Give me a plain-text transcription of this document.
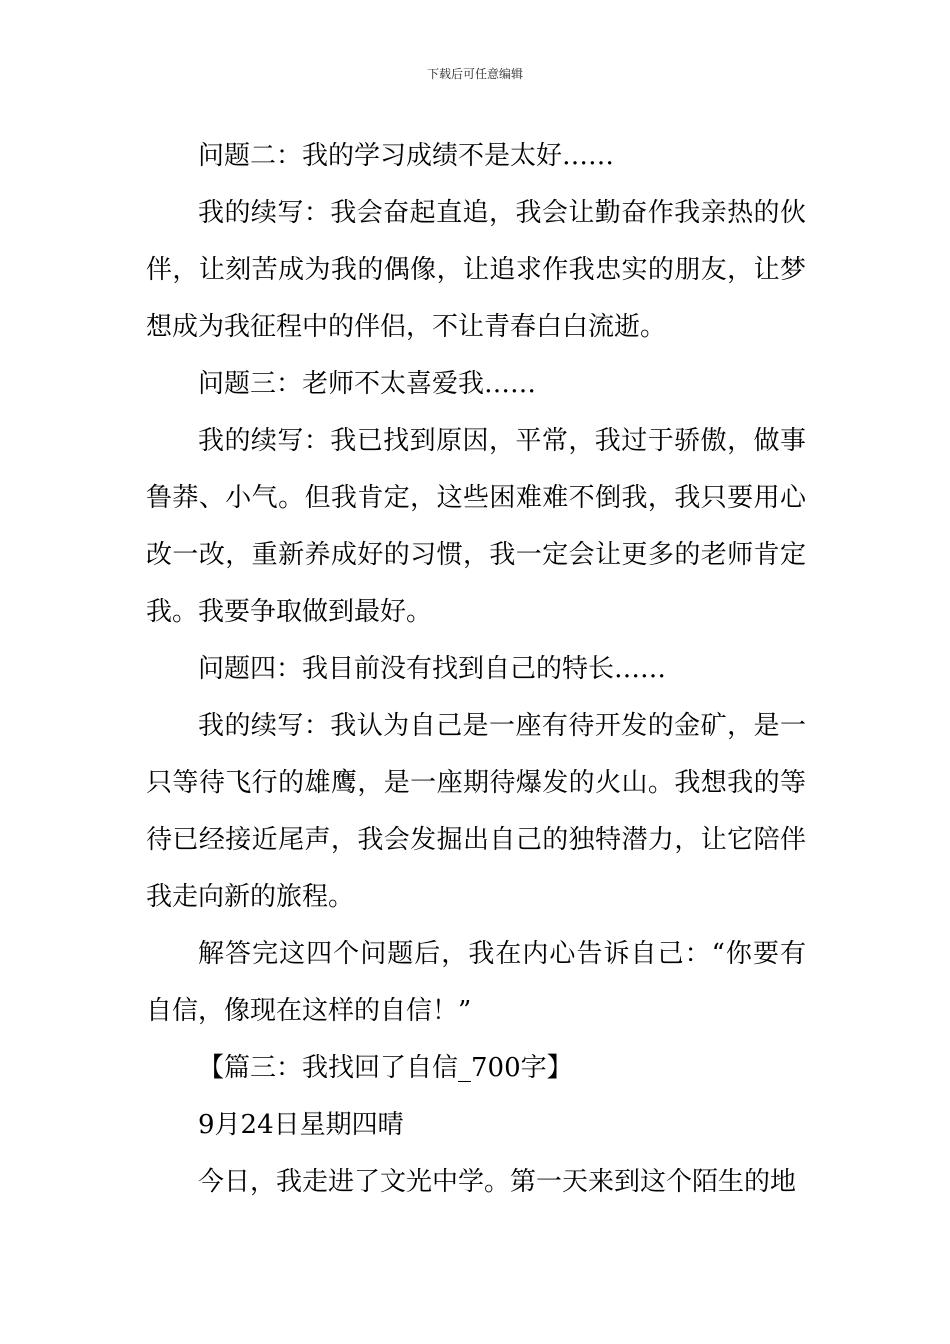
下载后可任意编辑

问题二：我的学习成绩不是太好……

我的续写：我会奋起直追，我会让勤奋作我亲热的伙伴，让刻苦成为我的偶像，让追求作我忠实的朋友，让梦想成为我征程中的伴侣，不让青春白白流逝。

问题三：老师不太喜爱我……

我的续写：我已找到原因，平常，我过于骄傲，做事鲁莽、小气。但我肯定，这些困难难不倒我，我只要用心改一改，重新养成好的习惯，我一定会让更多的老师肯定我。我要争取做到最好。

问题四：我目前没有找到自己的特长……

我的续写：我认为自己是一座有待开发的金矿，是一只等待飞行的雄鹰，是一座期待爆发的火山。我想我的等待已经接近尾声，我会发掘出自己的独特潜力，让它陪伴我走向新的旅程。

解答完这四个问题后，我在内心告诉自己：“你要有自信，像现在这样的自信！”

【篇三：我找回了自信_700字】

9月24日星期四晴

今日，我走进了文光中学。第一天来到这个陌生的地
